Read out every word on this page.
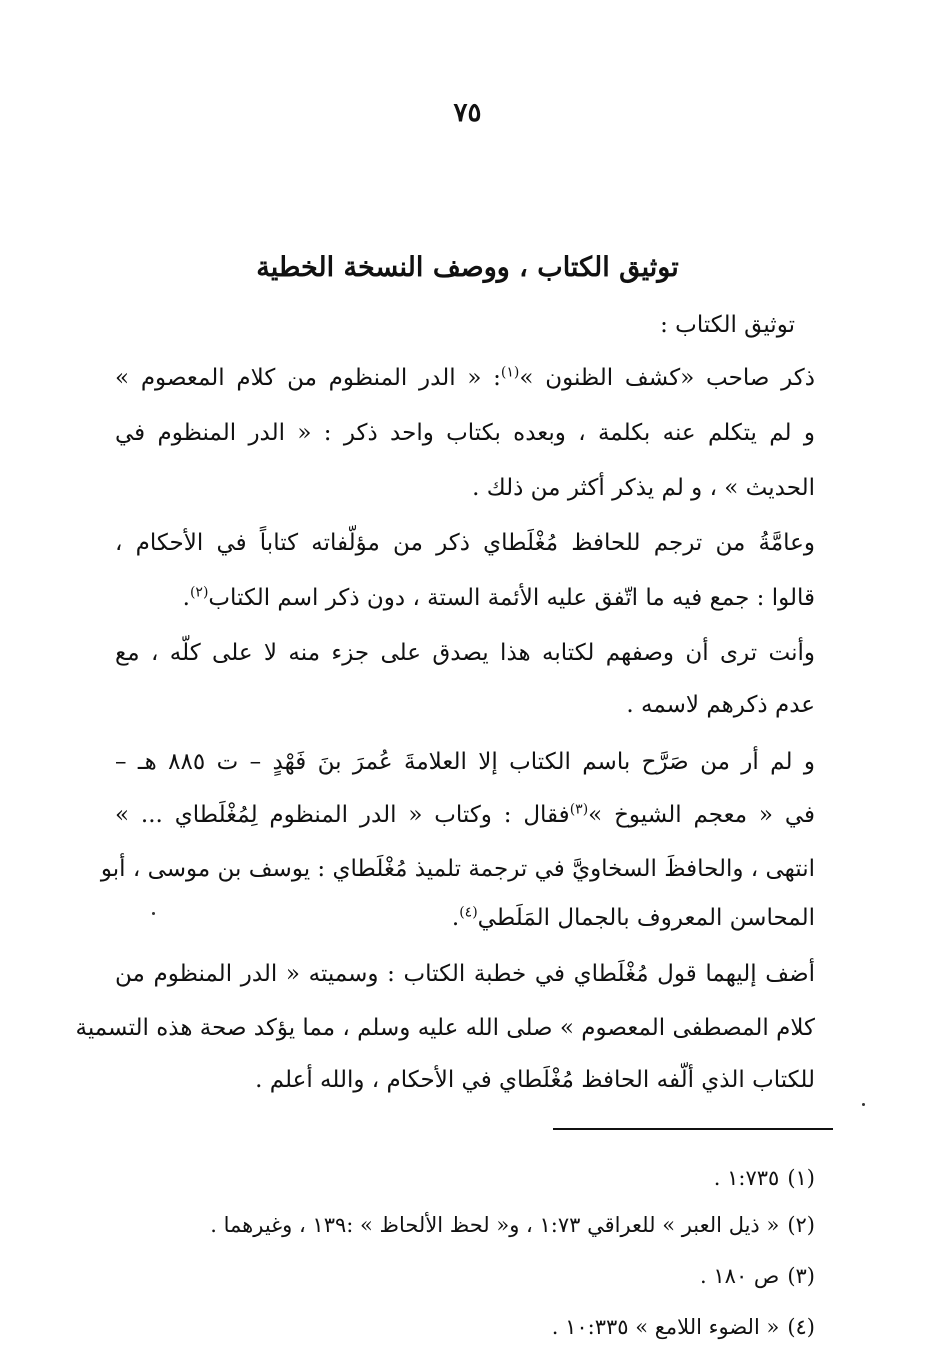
٧٥
توثيق الكتاب ، ووصف النسخة الخطية
توثيق الكتاب :
ذكر صاحب «كشف الظنون »$^{(١)}$: « الدر المنظوم من كلام المعصوم »
و لم يتكلم عنه بكلمة ، وبعده بكتاب واحد ذكر : « الدر المنظوم في
الحديث » ، و لم يذكر أكثر من ذلك .
وعامَّةُ من ترجم للحافظ مُغْلَطاي ذكر من مؤلّفاته كتاباً في الأحكام ،
قالوا : جمع فيه ما اتّفق عليه الأئمة الستة ، دون ذكر اسم الكتاب$^{(٢)}$.
وأنت ترى أن وصفهم لكتابه هذا يصدق على جزء منه لا على كلّه ، مع
عدم ذكرهم لاسمه .
و لم أر من صَرَّح باسم الكتاب إلا العلامةَ عُمرَ بنَ فَهْدٍ – ت ٨٨٥ هـ –
في « معجم الشيوخ »$^{(٣)}$فقال : وكتاب « الدر المنظوم لِمُغْلَطاي ... »
انتهى ، والحافظَ السخاويَّ في ترجمة تلميذ مُغْلَطاي : يوسف بن موسى ، أبو
المحاسن المعروف بالجمال المَلَطي$^{(٤)}$.
أضف إليهما قول مُغْلَطاي في خطبة الكتاب : وسميته « الدر المنظوم من
كلام المصطفى المعصوم » صلى الله عليه وسلم ، مما يؤكد صحة هذه التسمية
للكتاب الذي ألّفه الحافظ مُغْلَطاي في الأحكام ، والله أعلم .
(١)١:٧٣٥ .
(٢)« ذيل العبر » للعراقي ١:٧٣ ، و« لحظ الألحاظ » :١٣٩ ، وغيرهما .
(٣)ص ١٨٠ .
(٤)« الضوء اللامع » ١٠:٣٣٥ .
